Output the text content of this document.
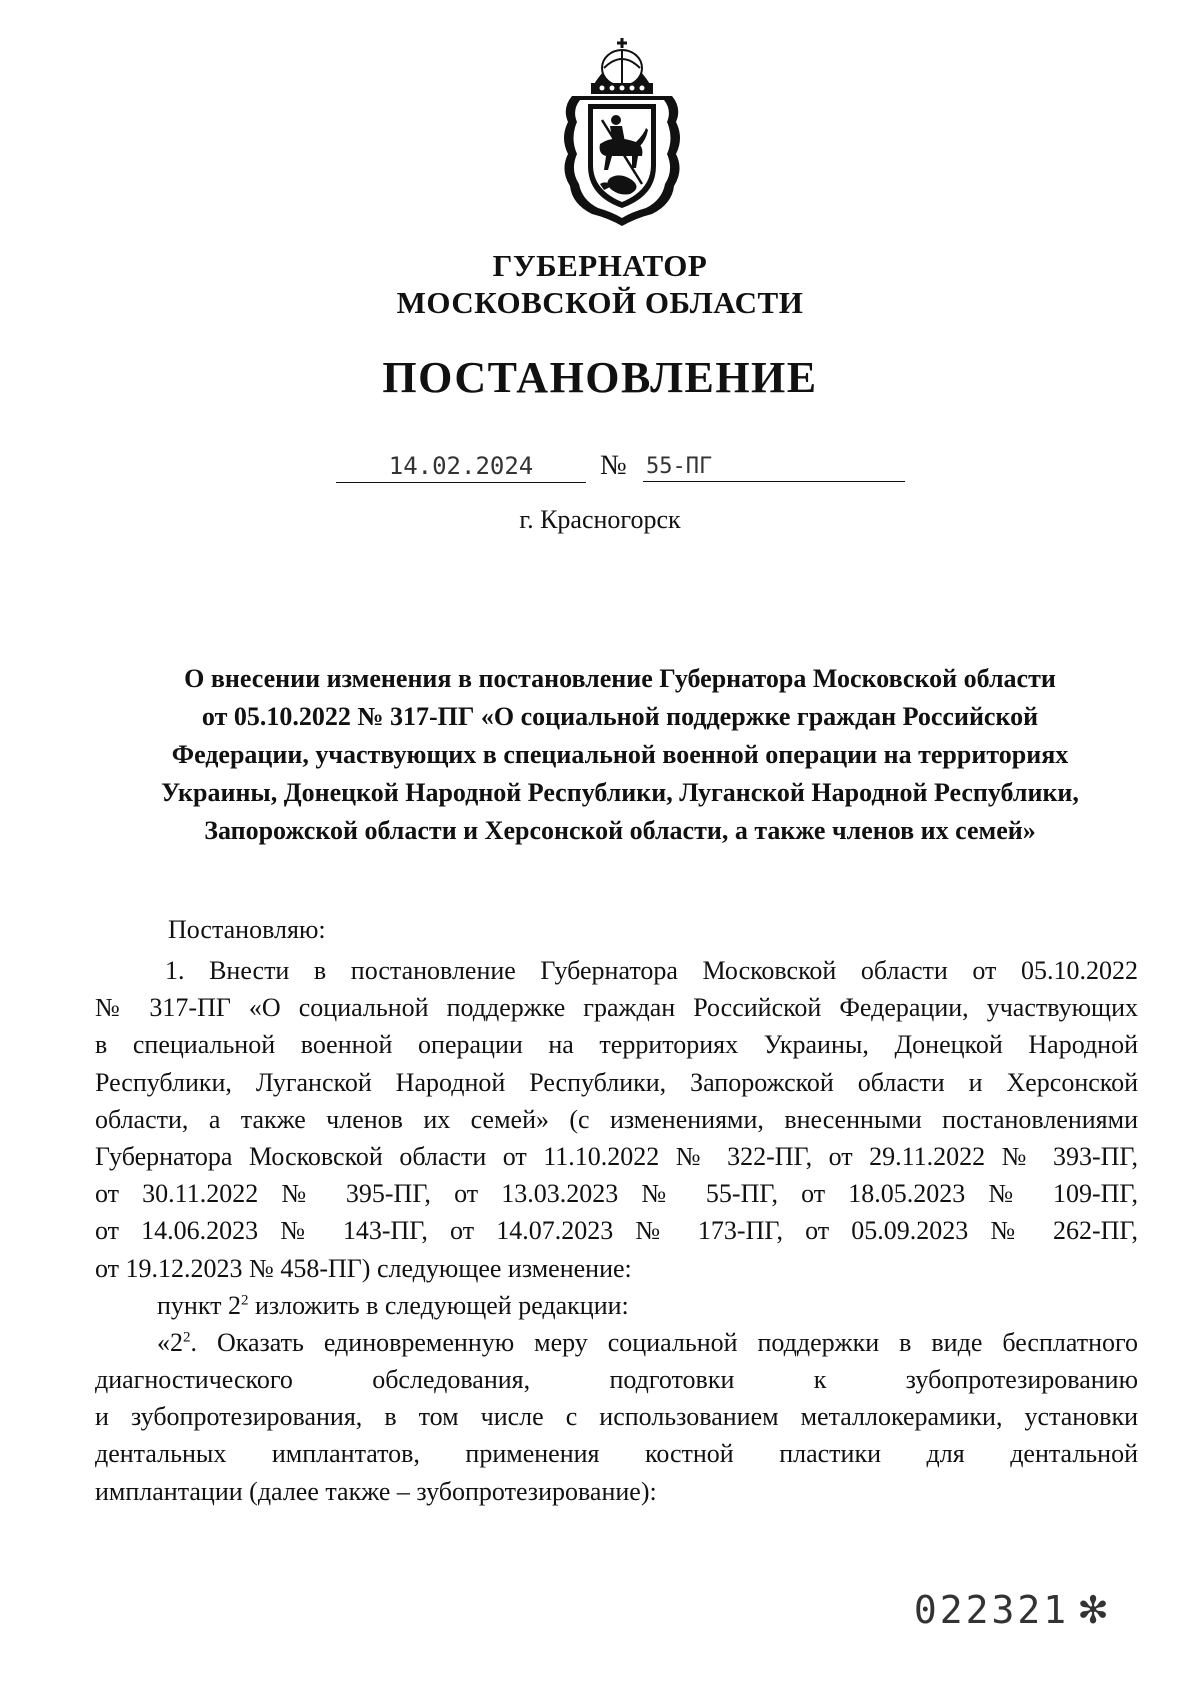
ГУБЕРНАТОР
МОСКОВСКОЙ ОБЛАСТИ
ПОСТАНОВЛЕНИЕ
14.02.2024	№ 55-ПГ
г. Красногорск
О внесении изменения в постановление Губернатора Московской области
от 05.10.2022 № 317-ПГ «О социальной поддержке граждан Российской
Федерации, участвующих в специальной военной операции на территориях
Украины, Донецкой Народной Республики, Луганской Народной Республики,
Запорожской области и Херсонской области, а также членов их семей»
Постановляю:
1. Внести в постановление Губернатора Московской области от 05.10.2022
№ 317-ПГ «О социальной поддержке граждан Российской Федерации, участвующих
в специальной военной операции на территориях Украины, Донецкой Народной
Республики, Луганской Народной Республики, Запорожской области и Херсонской
области, а также членов их семей» (с изменениями, внесенными постановлениями
Губернатора Московской области от 11.10.2022 № 322-ПГ, от 29.11.2022 № 393-ПГ,
от 30.11.2022 № 395-ПГ, от 13.03.2023 № 55-ПГ, от 18.05.2023 № 109-ПГ,
от 14.06.2023 № 143-ПГ, от 14.07.2023 № 173-ПГ, от 05.09.2023 № 262-ПГ,
от 19.12.2023 № 458-ПГ) следующее изменение:
пункт $2^2$ изложить в следующей редакции:
«$2^2$. Оказать единовременную меру социальной поддержки в виде бесплатного
диагностического обследования, подготовки к зубопротезированию
и зубопротезирования, в том числе с использованием металлокерамики, установки
дентальных имплантатов, применения костной пластики для дентальной
имплантации (далее также – зубопротезирование):
022321 ✻
